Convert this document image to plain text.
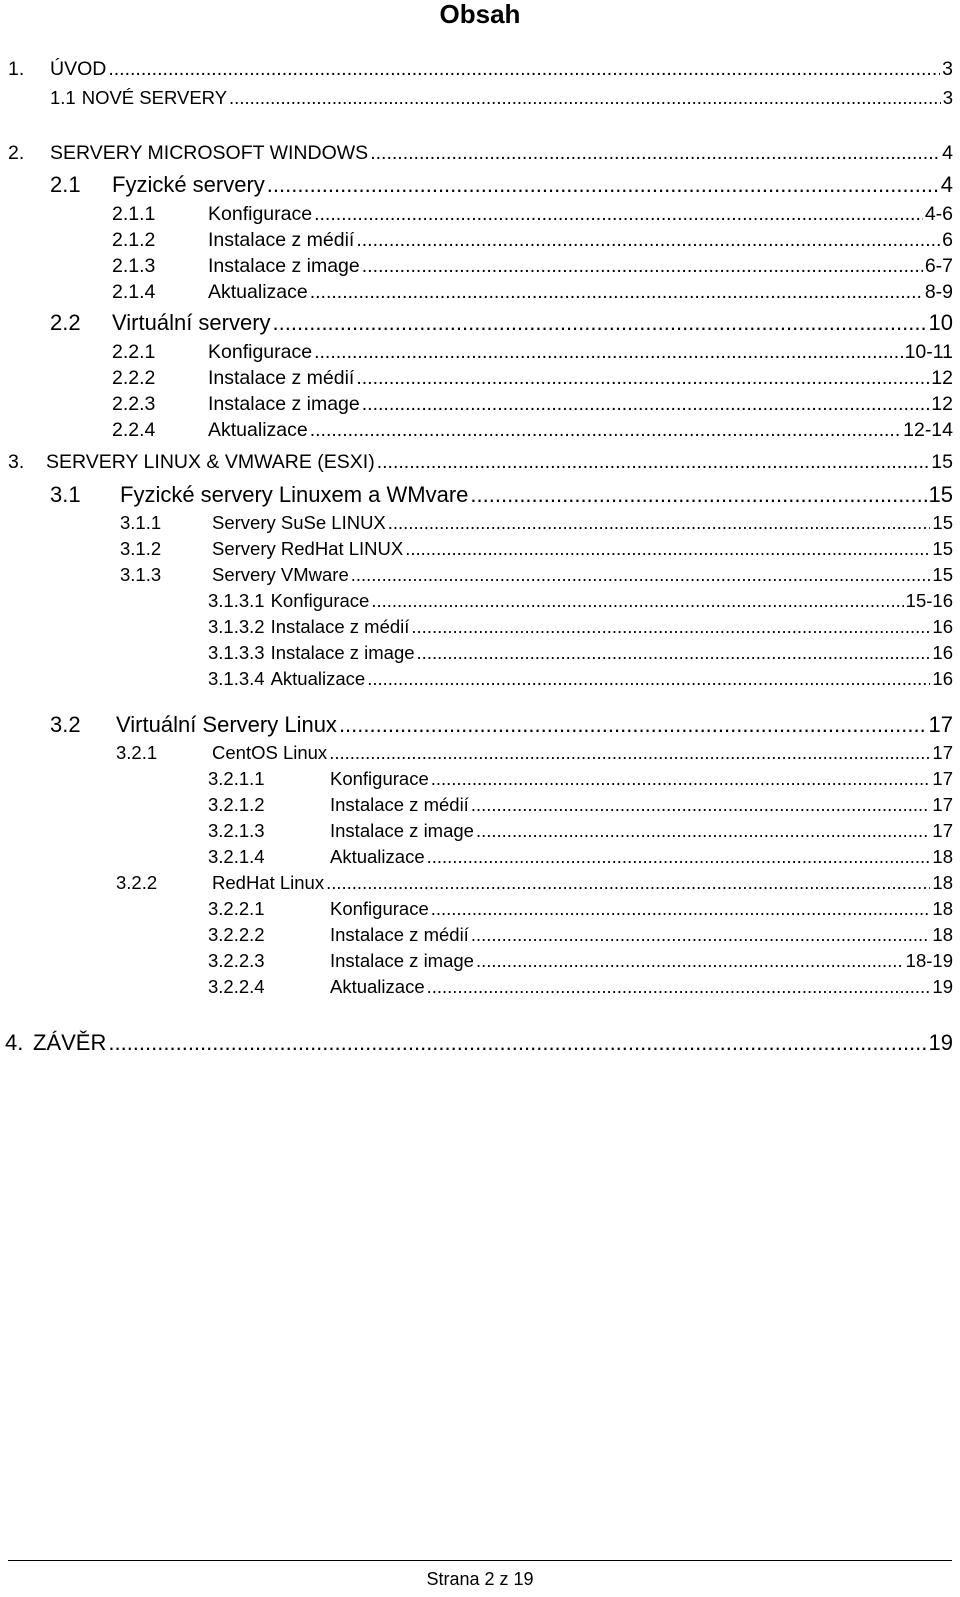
Obsah
1.	ÚVOD .....	3
1.1 NOVÉ SERVERY .....	3
2.	SERVERY MICROSOFT WINDOWS .....	4
2.1	Fyzické servery .....	4
2.1.1	Konfigurace .....	4-6
2.1.2	Instalace z médií .....	6
2.1.3	Instalace z image .....	6-7
2.1.4	Aktualizace .....	8-9
2.2	Virtuální servery .....	10
2.2.1	Konfigurace .....	10-11
2.2.2	Instalace z médií .....	12
2.2.3	Instalace z image .....	12
2.2.4	Aktualizace .....	12-14
3.	SERVERY LINUX & VMWARE (ESXI) .....	15
3.1	Fyzické servery Linuxem a WMvare .....	15
3.1.1	Servery SuSe LINUX .....	15
3.1.2	Servery RedHat LINUX .....	15
3.1.3	Servery VMware .....	15
3.1.3.1 Konfigurace .....	15-16
3.1.3.2 Instalace z médií .....	16
3.1.3.3 Instalace z image .....	16
3.1.3.4 Aktualizace .....	16
3.2	Virtuální Servery Linux .....	17
3.2.1	CentOS Linux .....	17
3.2.1.1	Konfigurace .....	17
3.2.1.2	Instalace z médií .....	17
3.2.1.3	Instalace z image .....	17
3.2.1.4	Aktualizace .....	18
3.2.2	RedHat Linux .....	18
3.2.2.1	Konfigurace .....	18
3.2.2.2	Instalace z médií .....	18
3.2.2.3	Instalace z image .....	18-19
3.2.2.4	Aktualizace .....	19
4. ZÁVĚR .....	19
Strana 2 z 19
